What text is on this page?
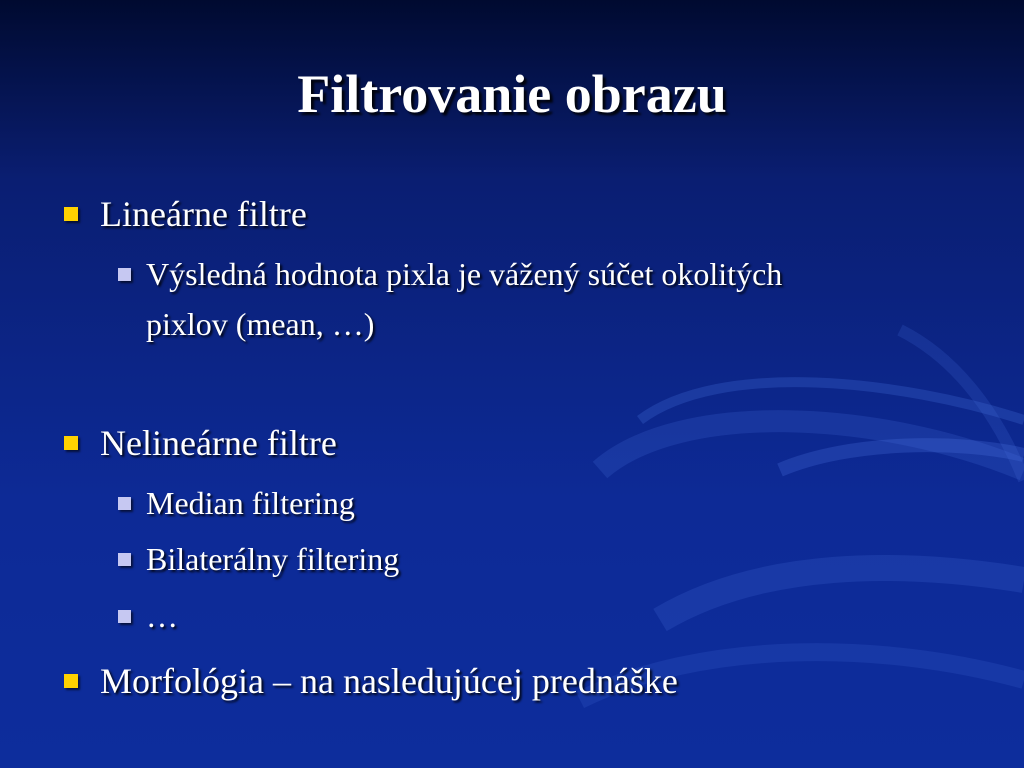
Filtrovanie obrazu
Lineárne filtre
Výsledná hodnota pixla je vážený súčet okolitých
pixlov (mean, …)
Nelineárne filtre
Median filtering
Bilaterálny filtering
…
Morfológia – na nasledujúcej prednáške
